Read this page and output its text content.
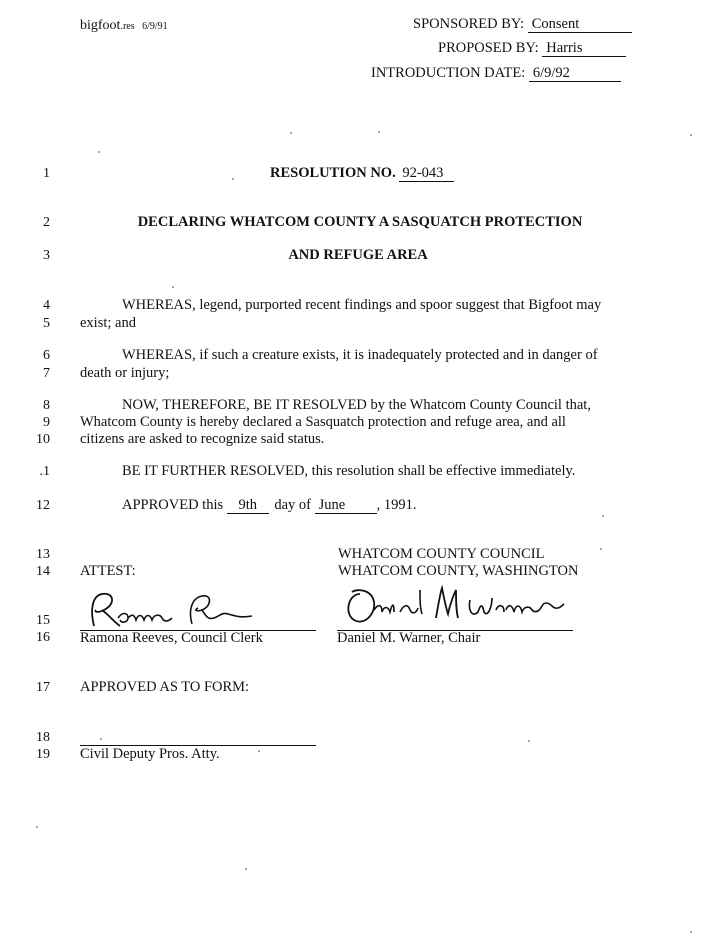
bigfoot.res 6/9/91	SPONSORED BY: Consent
PROPOSED BY: Harris
INTRODUCTION DATE: 6/9/92
1
2
3
4
5
6
7
8
9
10
.1
12
13
14
15
16
17
18
19
RESOLUTION NO. 92-043
DECLARING WHATCOM COUNTY A SASQUATCH PROTECTION
AND REFUGE AREA
WHEREAS, legend, purported recent findings and spoor suggest that Bigfoot may
exist; and
WHEREAS, if such a creature exists, it is inadequately protected and in danger of
death or injury;
NOW, THEREFORE, BE IT RESOLVED by the Whatcom County Council that,
Whatcom County is hereby declared a Sasquatch protection and refuge area, and all
citizens are asked to recognize said status.
BE IT FURTHER RESOLVED, this resolution shall be effective immediately.
APPROVED this 9th day of June , 1991.
WHATCOM COUNTY COUNCIL
WHATCOM COUNTY, WASHINGTON
ATTEST:
Ramona Reeves, Council Clerk	Daniel M. Warner, Chair
APPROVED AS TO FORM:
Civil Deputy Pros. Atty.
